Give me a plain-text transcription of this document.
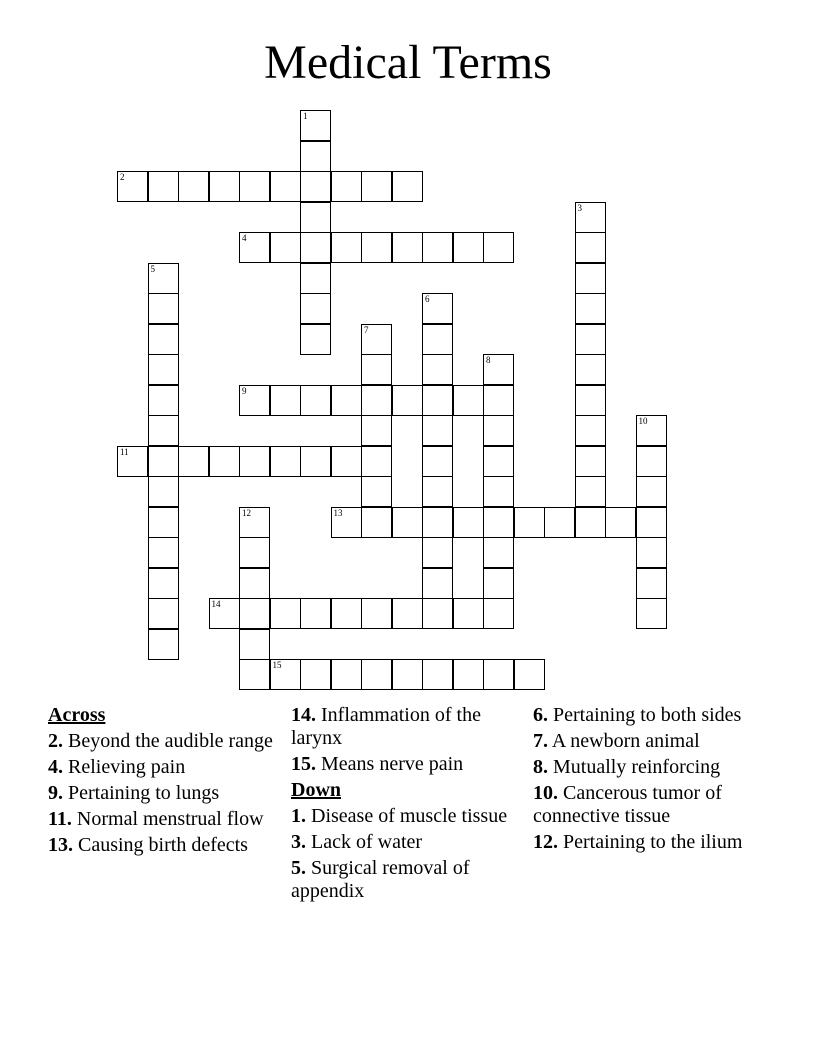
Medical Terms
1
2
3
4
5
6
7
8
9
10
11
12	13
14
15
Across
2. Beyond the audible range
4. Relieving pain
9. Pertaining to lungs
11. Normal menstrual flow
13. Causing birth defects
14. Inflammation of the larynx
15. Means nerve pain
Down
1. Disease of muscle tissue
3. Lack of water
5. Surgical removal of appendix
6. Pertaining to both sides
7. A newborn animal
8. Mutually reinforcing
10. Cancerous tumor of connective tissue
12. Pertaining to the ilium
